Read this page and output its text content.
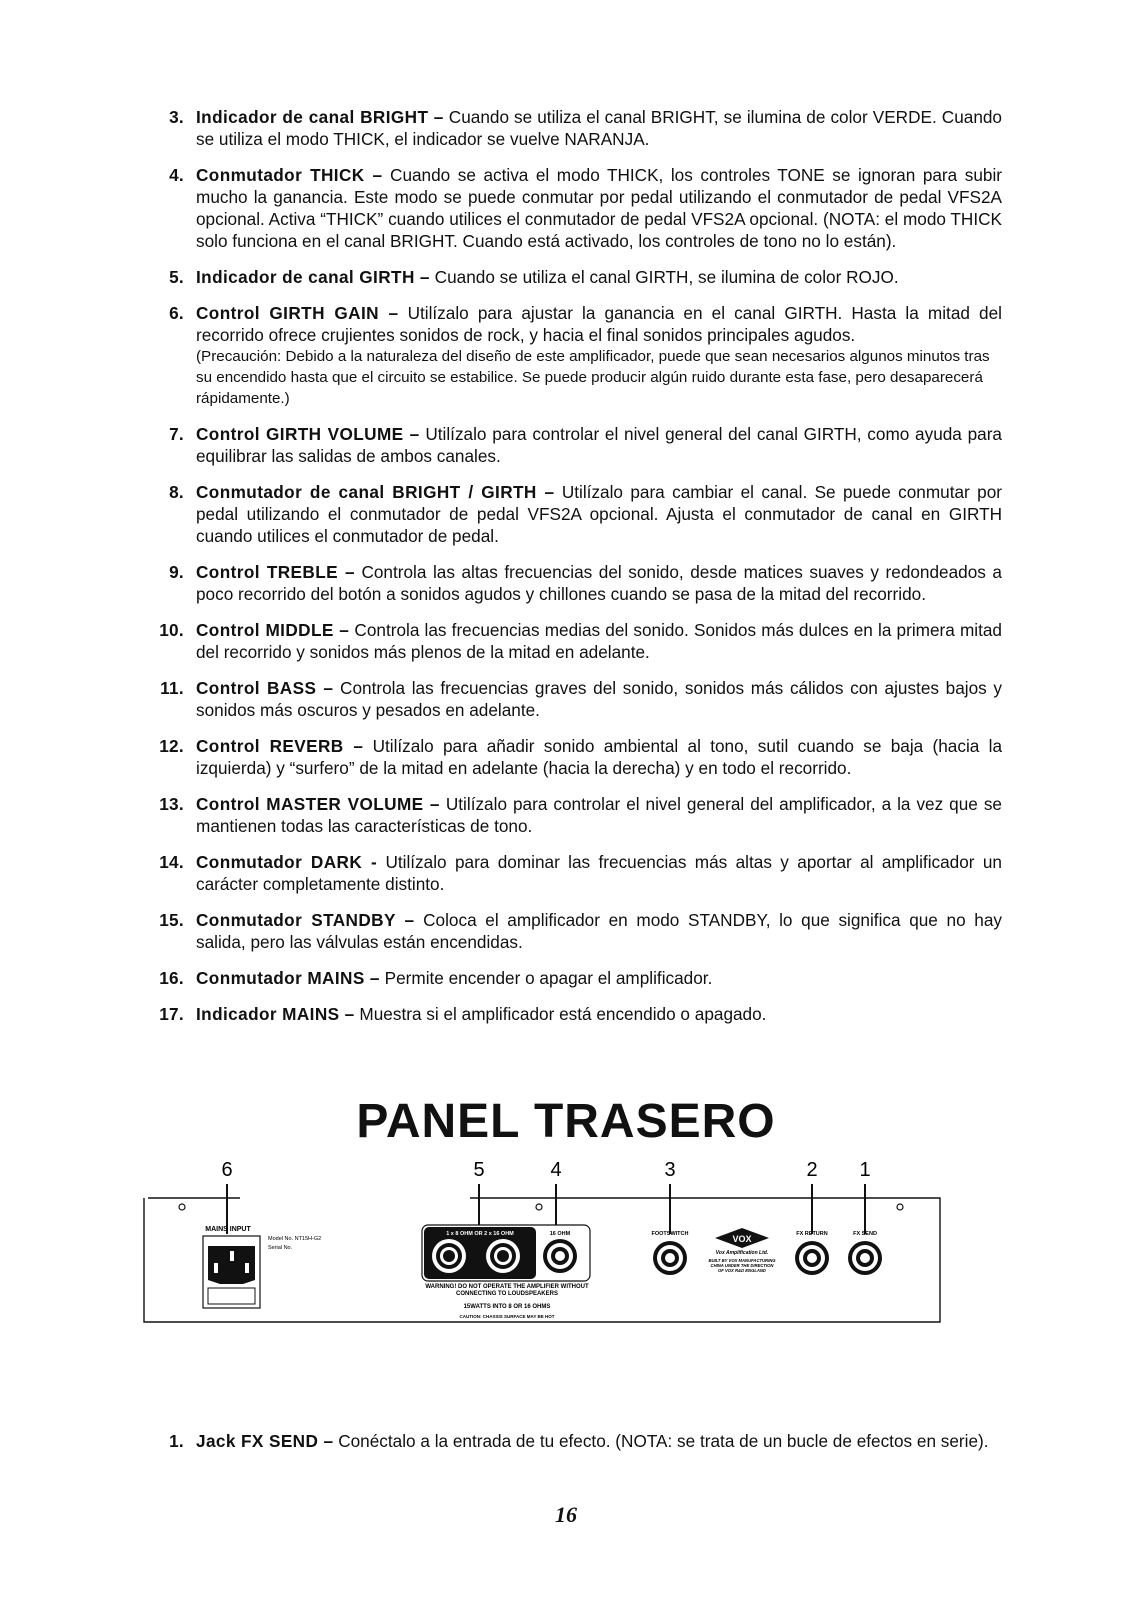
3. Indicador de canal BRIGHT – Cuando se utiliza el canal BRIGHT, se ilumina de color VERDE. Cuando se utiliza el modo THICK, el indicador se vuelve NARANJA.
4. Conmutador THICK – Cuando se activa el modo THICK, los controles TONE se ignoran para subir mucho la ganancia. Este modo se puede conmutar por pedal utilizando el conmutador de pedal VFS2A opcional. Activa “THICK” cuando utilices el conmutador de pedal VFS2A opcional. (NOTA: el modo THICK solo funciona en el canal BRIGHT. Cuando está activado, los controles de tono no lo están).
5. Indicador de canal GIRTH – Cuando se utiliza el canal GIRTH, se ilumina de color ROJO.
6. Control GIRTH GAIN – Utilízalo para ajustar la ganancia en el canal GIRTH. Hasta la mitad del recorrido ofrece crujientes sonidos de rock, y hacia el final sonidos principales agudos.
(Precaución: Debido a la naturaleza del diseño de este amplificador, puede que sean necesarios algunos minutos tras su encendido hasta que el circuito se estabilice. Se puede producir algún ruido durante esta fase, pero desaparecerá rápidamente.)
7. Control GIRTH VOLUME – Utilízalo para controlar el nivel general del canal GIRTH, como ayuda para equilibrar las salidas de ambos canales.
8. Conmutador de canal BRIGHT / GIRTH – Utilízalo para cambiar el canal. Se puede conmutar por pedal utilizando el conmutador de pedal VFS2A opcional. Ajusta el conmutador de canal en GIRTH cuando utilices el conmutador de pedal.
9. Control TREBLE – Controla las altas frecuencias del sonido, desde matices suaves y redondeados a poco recorrido del botón a sonidos agudos y chillones cuando se pasa de la mitad del recorrido.
10. Control MIDDLE – Controla las frecuencias medias del sonido. Sonidos más dulces en la primera mitad del recorrido y sonidos más plenos de la mitad en adelante.
11. Control BASS – Controla las frecuencias graves del sonido, sonidos más cálidos con ajustes bajos y sonidos más oscuros y pesados en adelante.
12. Control REVERB – Utilízalo para añadir sonido ambiental al tono, sutil cuando se baja (hacia la izquierda) y “surfero” de la mitad en adelante (hacia la derecha) y en todo el recorrido.
13. Control MASTER VOLUME – Utilízalo para controlar el nivel general del amplificador, a la vez que se mantienen todas las características de tono.
14. Conmutador DARK - Utilízalo para dominar las frecuencias más altas y aportar al amplificador un carácter completamente distinto.
15. Conmutador STANDBY – Coloca el amplificador en modo STANDBY, lo que significa que no hay salida, pero las válvulas están encendidas.
16. Conmutador MAINS – Permite encender o apagar el amplificador.
17. Indicador MAINS – Muestra si el amplificador está encendido o apagado.
PANEL TRASERO
6	5	4	3	2 1
MAINS INPUT
Model No. NT15H-G2
Serial No.
1 x 8 OHM OR 2 x 16 OHM	16 OHM
WARNING! DO NOT OPERATE THE AMPLIFIER WITHOUT
CONNECTING TO LOUDSPEAKERS
15WATTS INTO 8 OR 16 OHMS
CAUTION: CHASSIS SURFACE MAY BE HOT
FOOTSWITCH	VOX
Vox Amplification Ltd.
BUILT BY VOX MANUFACTURING
CHINA UNDER THE DIRECTION
OF VOX R&D ENGLAND
FX RETURN	FX SEND
1. Jack FX SEND – Conéctalo a la entrada de tu efecto. (NOTA: se trata de un bucle de efectos en serie).
16
